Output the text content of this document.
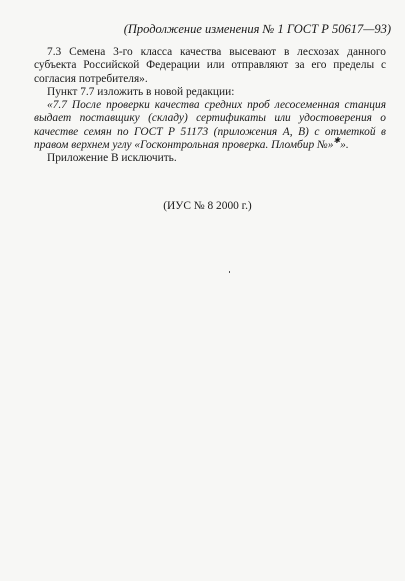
(Продолжение изменения № 1 ГОСТ Р 50617—93)

7.3 Семена 3-го класса качества высевают в лесхозах данного субъекта Российской Федерации или отправляют за его пределы с согласия потребителя».

Пункт 7.7 изложить в новой редакции:

«7.7 После проверки качества средних проб лесосеменная станция выдает поставщику (складу) сертификаты или удостоверения о качестве семян по ГОСТ Р 51173 (приложения А, В) с отметкой в правом верхнем углу «Госконтрольная проверка. Пломбир №»✱».

Приложение В исключить.

(ИУС № 8 2000 г.)
